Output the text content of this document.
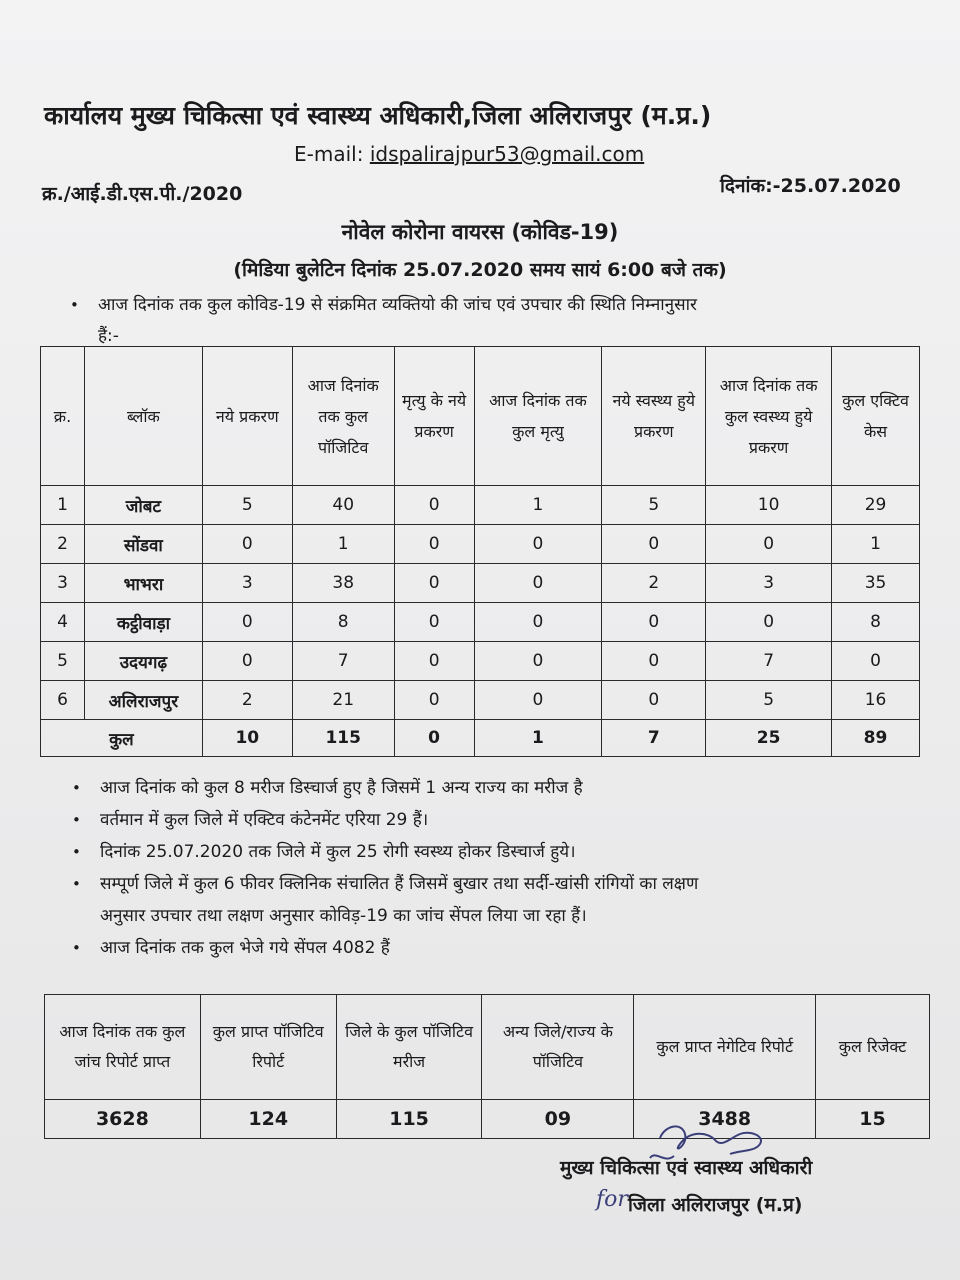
कार्यालय मुख्य चिकित्सा एवं स्वास्थ्य अधिकारी,जिला अलिराजपुर (म.प्र.)
E-mail: idspalirajpur53@gmail.com
क्र./आई.डी.एस.पी./2020	दिनांक:-25.07.2020
नोवेल कोरोना वायरस (कोविड-19)
(मिडिया बुलेटिन दिनांक 25.07.2020 समय सायं 6:00 बजे तक)
• आज दिनांक तक कुल कोविड-19 से संक्रमित व्यक्तियो की जांच एवं उपचार की स्थिति निम्नानुसार
हैं:-
क्र.	ब्लॉक	नये प्रकरण	आज दिनांक तक कुल पॉजिटिव	मृत्यु के नये प्रकरण	आज दिनांक तक कुल मृत्यु	नये स्वस्थ्य हुये प्रकरण	आज दिनांक तक कुल स्वस्थ्य हुये प्रकरण	कुल एक्टिव केस
1	जोबट	5	40	0	1	5	10	29
2	सोंडवा	0	1	0	0	0	0	1
3	भाभरा	3	38	0	0	2	3	35
4	कट्ठीवाड़ा	0	8	0	0	0	0	8
5	उदयगढ़	0	7	0	0	0	7	0
6	अलिराजपुर	2	21	0	0	0	5	16
कुल		10	115	0	1	7	25	89
• आज दिनांक को कुल 8 मरीज डिस्चार्ज हुए है जिसमें 1 अन्य राज्य का मरीज है
• वर्तमान में कुल जिले में एक्टिव कंटेनमेंट एरिया 29 हैं।
• दिनांक 25.07.2020 तक जिले में कुल 25 रोगी स्वस्थ्य होकर डिस्चार्ज हुये।
• सम्पूर्ण जिले में कुल 6 फीवर क्लिनिक संचालित हैं जिसमें बुखार तथा सर्दी-खांसी रांगियों का लक्षण
अनुसार उपचार तथा लक्षण अनुसार कोविड़-19 का जांच सेंपल लिया जा रहा हैं।
• आज दिनांक तक कुल भेजे गये सेंपल 4082 हैं
आज दिनांक तक कुल जांच रिपोर्ट प्राप्त	कुल प्राप्त पॉजिटिव रिपोर्ट	जिले के कुल पॉजिटिव मरीज	अन्य जिले/राज्य के पॉजिटिव	कुल प्राप्त नेगेटिव रिपोर्ट	कुल रिजेक्ट
3628	124	115	09	3488	15
for
मुख्य चिकित्सा एवं स्वास्थ्य अधिकारी
जिला अलिराजपुर (म.प्र)
